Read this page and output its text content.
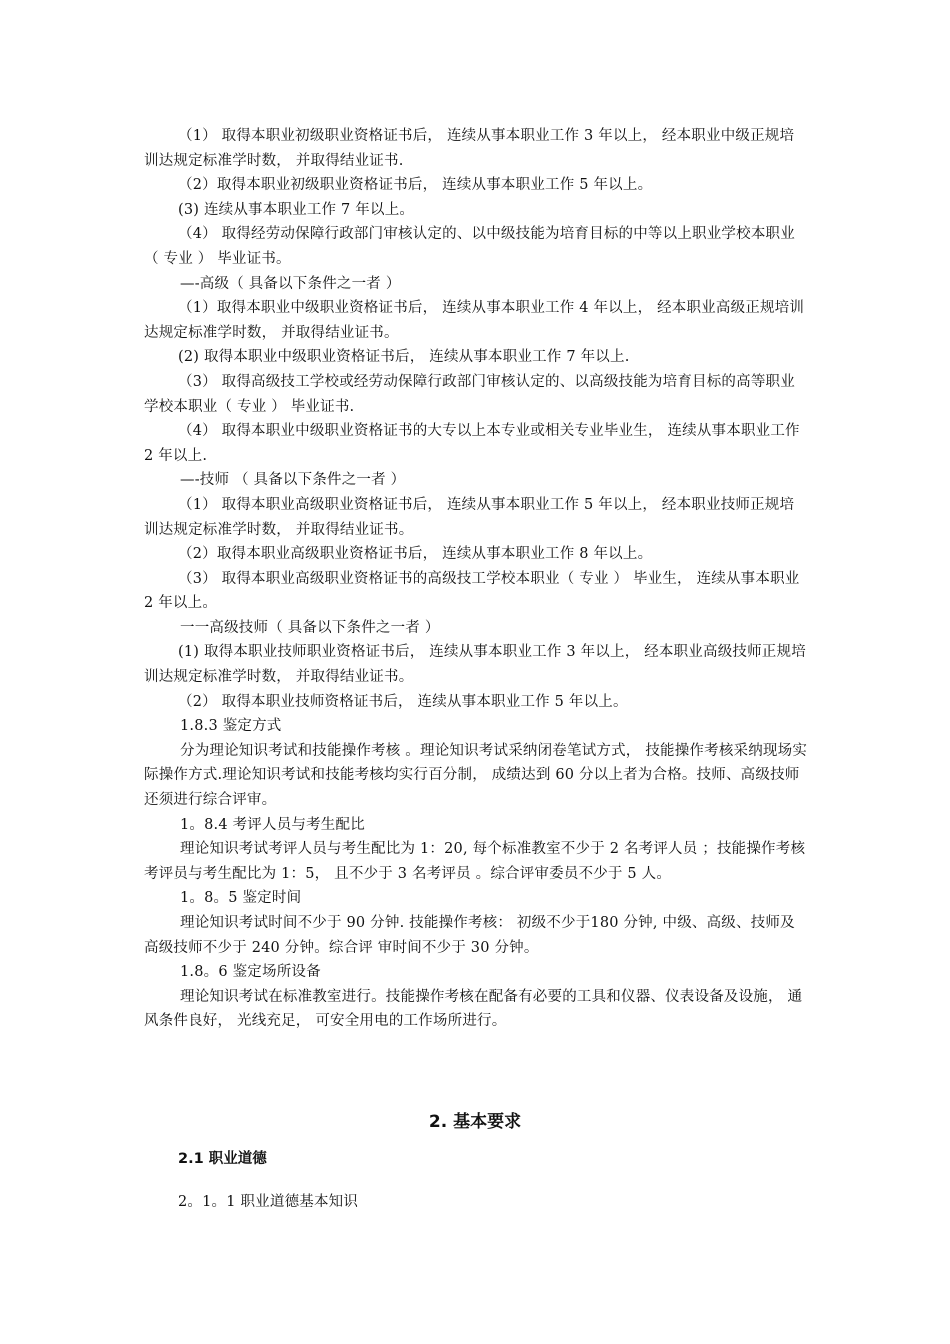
（1） 取得本职业初级职业资格证书后， 连续从事本职业工作 3 年以上， 经本职业中级正规培训达规定标准学时数， 并取得结业证书.

（2）取得本职业初级职业资格证书后， 连续从事本职业工作 5 年以上。

(3) 连续从事本职业工作 7 年以上。

（4） 取得经劳动保障行政部门审核认定的、以中级技能为培育目标的中等以上职业学校本职业 （ 专业 ） 毕业证书。

—-高级（ 具备以下条件之一者 ）

（1）取得本职业中级职业资格证书后， 连续从事本职业工作 4 年以上， 经本职业高级正规培训达规定标准学时数， 并取得结业证书。

(2) 取得本职业中级职业资格证书后， 连续从事本职业工作 7 年以上.

（3） 取得高级技工学校或经劳动保障行政部门审核认定的、以高级技能为培育目标的高等职业学校本职业（ 专业 ） 毕业证书.

（4） 取得本职业中级职业资格证书的大专以上本专业或相关专业毕业生， 连续从事本职业工作 2 年以上.

—-技师 （ 具备以下条件之一者 ）

（1） 取得本职业高级职业资格证书后， 连续从事本职业工作 5 年以上， 经本职业技师正规培训达规定标准学时数， 并取得结业证书。

（2）取得本职业高级职业资格证书后， 连续从事本职业工作 8 年以上。

（3） 取得本职业高级职业资格证书的高级技工学校本职业（ 专业 ） 毕业生， 连续从事本职业 2 年以上。

一一高级技师（ 具备以下条件之一者 ）

(1) 取得本职业技师职业资格证书后， 连续从事本职业工作 3 年以上， 经本职业高级技师正规培训达规定标准学时数， 并取得结业证书。

（2） 取得本职业技师资格证书后， 连续从事本职业工作 5 年以上。

1.8.3 鉴定方式

分为理论知识考试和技能操作考核 。理论知识考试采纳闭卷笔试方式， 技能操作考核采纳现场实际操作方式.理论知识考试和技能考核均实行百分制， 成绩达到 60 分以上者为合格。技师、高级技师还须进行综合评审。

1。8.4 考评人员与考生配比

理论知识考试考评人员与考生配比为 1：20, 每个标准教室不少于 2 名考评人员 ；技能操作考核考评员与考生配比为 1：5， 且不少于 3 名考评员 。综合评审委员不少于 5 人。

1。8。5 鉴定时间

理论知识考试时间不少于 90 分钟. 技能操作考核： 初级不少于180 分钟, 中级、高级、技师及高级技师不少于 240 分钟。综合评 审时间不少于 30 分钟。

1.8。6 鉴定场所设备

理论知识考试在标准教室进行。技能操作考核在配备有必要的工具和仪器、仪表设备及设施， 通风条件良好， 光线充足， 可安全用电的工作场所进行。

2. 基本要求
2.1 职业道德

2。1。1 职业道德基本知识
